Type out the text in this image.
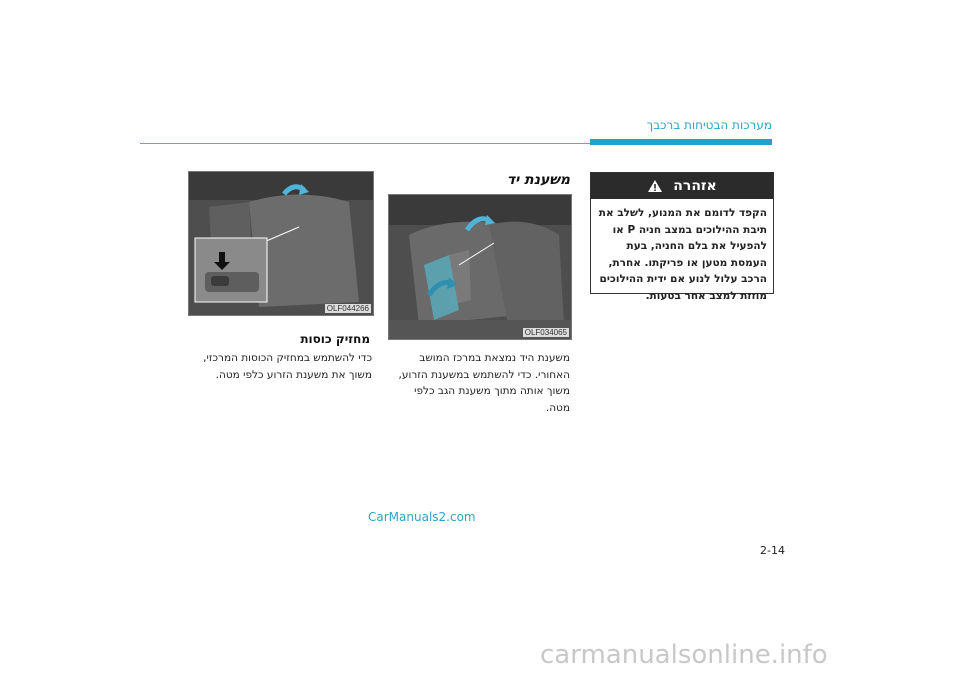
מערכות הבטיחות ברכבך
אזהרה
הקפד לדומם את המנוע, לשלב את תיבת ההילוכים במצב חניה P או להפעיל את בלם החניה, בעת העמסת מטען או פריקתו. אחרת, הרכב עלול לנוע אם ידית ההילוכים מוזזת למצב אחר בטעות.
משענת יד
OLF034065
משענת היד נמצאת במרכז המושב האחורי. כדי להשתמש במשענת הזרוע, משוך אותה מתוך משענת הגב כלפי מטה.
OLF044266
מחזיק כוסות
כדי להשתמש במחזיק הכוסות המרכזי, משוך את משענת הזרוע כלפי מטה.
CarManuals2.com
2-14
carmanualsonline.info
